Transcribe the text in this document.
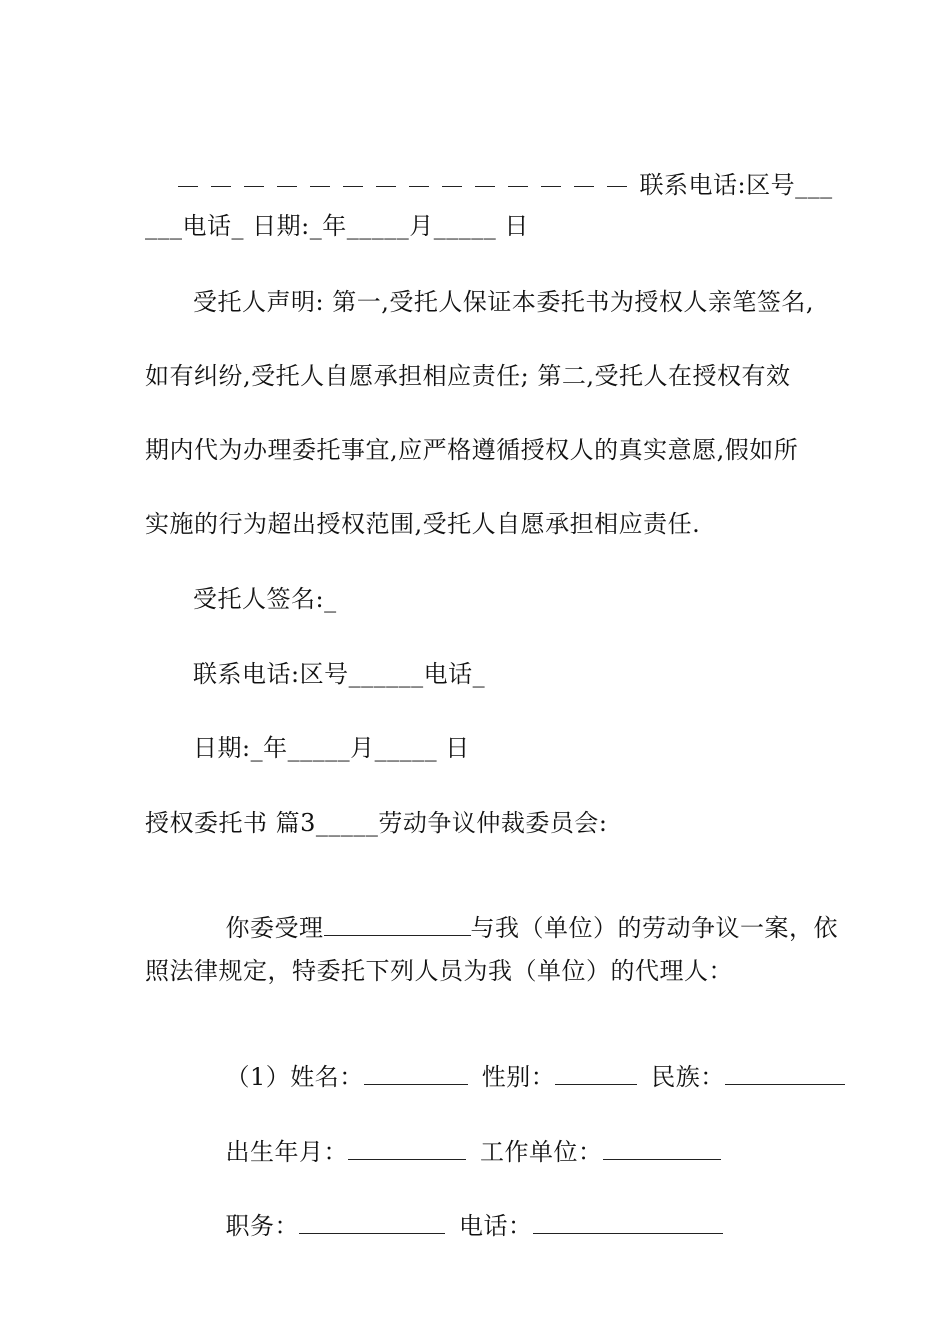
联系电话:区号___

___电话_ 日期:_年_____月_____ 日
受托人声明: 第一,受托人保证本委托书为授权人亲笔签名,
如有纠纷,受托人自愿承担相应责任; 第二,受托人在授权有效
期内代为办理委托事宜,应严格遵循授权人的真实意愿,假如所
实施的行为超出授权范围,受托人自愿承担相应责任.
受托人签名:_
联系电话:区号______电话_
日期:_年_____月_____ 日
授权委托书 篇3_____劳动争议仲裁委员会:

你委受理	与我（单位）的劳动争议一案，依

照法律规定，特委托下列人员为我（单位）的代理人：

（1）姓名：	性别：	民族：

出生年月：	工作单位：

职务：	电话：
